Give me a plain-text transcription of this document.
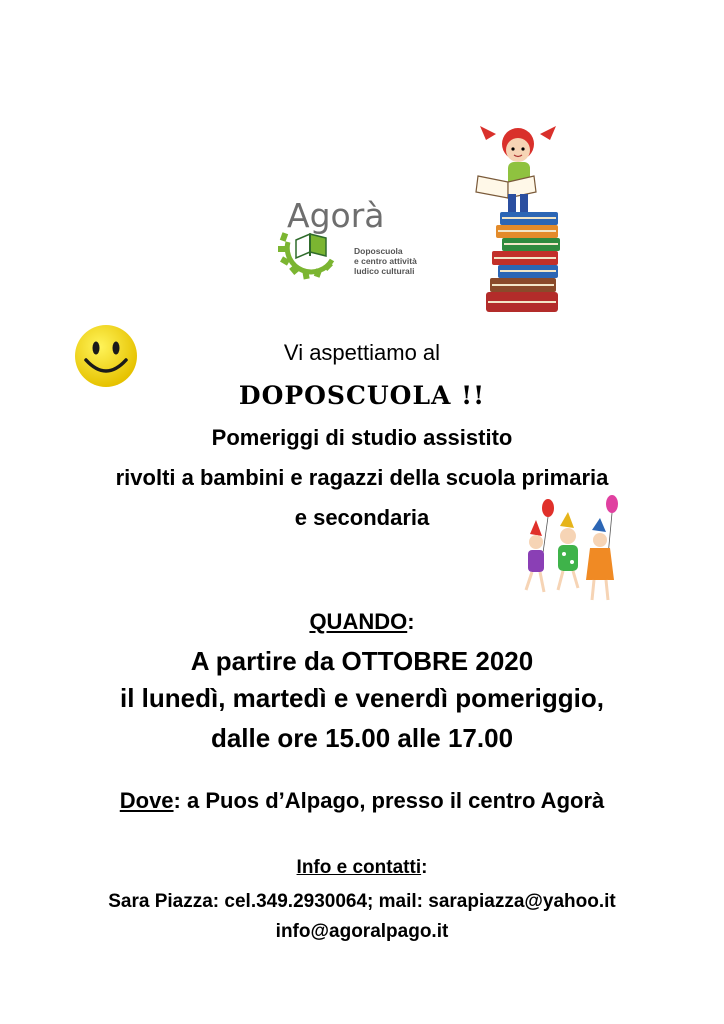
Agorà
Doposcuola
e centro attività
ludico culturali
Vi aspettiamo al
DOPOSCUOLA !!
Pomeriggi di studio assistito
rivolti a bambini e ragazzi della scuola primaria
e secondaria
QUANDO:
A partire da OTTOBRE 2020
il lunedì, martedì e venerdì pomeriggio,
dalle ore 15.00 alle 17.00
Dove: a Puos d’Alpago, presso il centro Agorà
Info e contatti:
Sara Piazza: cel.349.2930064; mail: sarapiazza@yahoo.it
info@agoralpago.it
